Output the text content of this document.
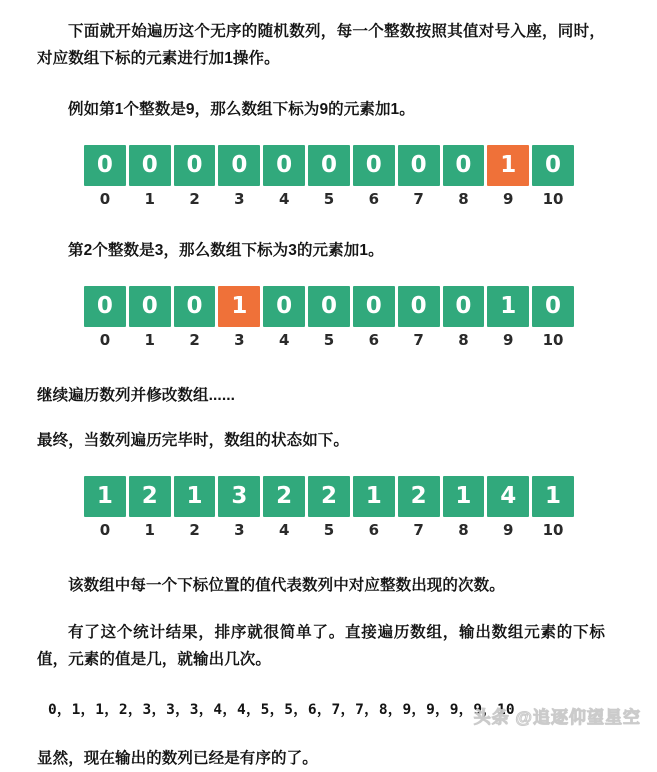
下面就开始遍历这个无序的随机数列，每一个整数按照其值对号入座，同时，对应数组下标的元素进行加1操作。

例如第1个整数是9，那么数组下标为9的元素加1。

0	0	0	0	0	0	0	0	0	1	0
0	1	2	3	4	5	6	7	8	9	10

第2个整数是3，那么数组下标为3的元素加1。

0	0	0	1	0	0	0	0	0	1	0
0	1	2	3	4	5	6	7	8	9	10

继续遍历数列并修改数组......

最终，当数列遍历完毕时，数组的状态如下。

1	2	1	3	2	2	1	2	1	4	1
0	1	2	3	4	5	6	7	8	9	10

该数组中每一个下标位置的值代表数列中对应整数出现的次数。

有了这个统计结果，排序就很简单了。直接遍历数组，输出数组元素的下标值，元素的值是几，就输出几次。

0，1，1，2，3，3，3，4，4，5，5，6，7，7，8，9，9，9，9，10

显然，现在输出的数列已经是有序的了。

头条 @追逐仰望星空
